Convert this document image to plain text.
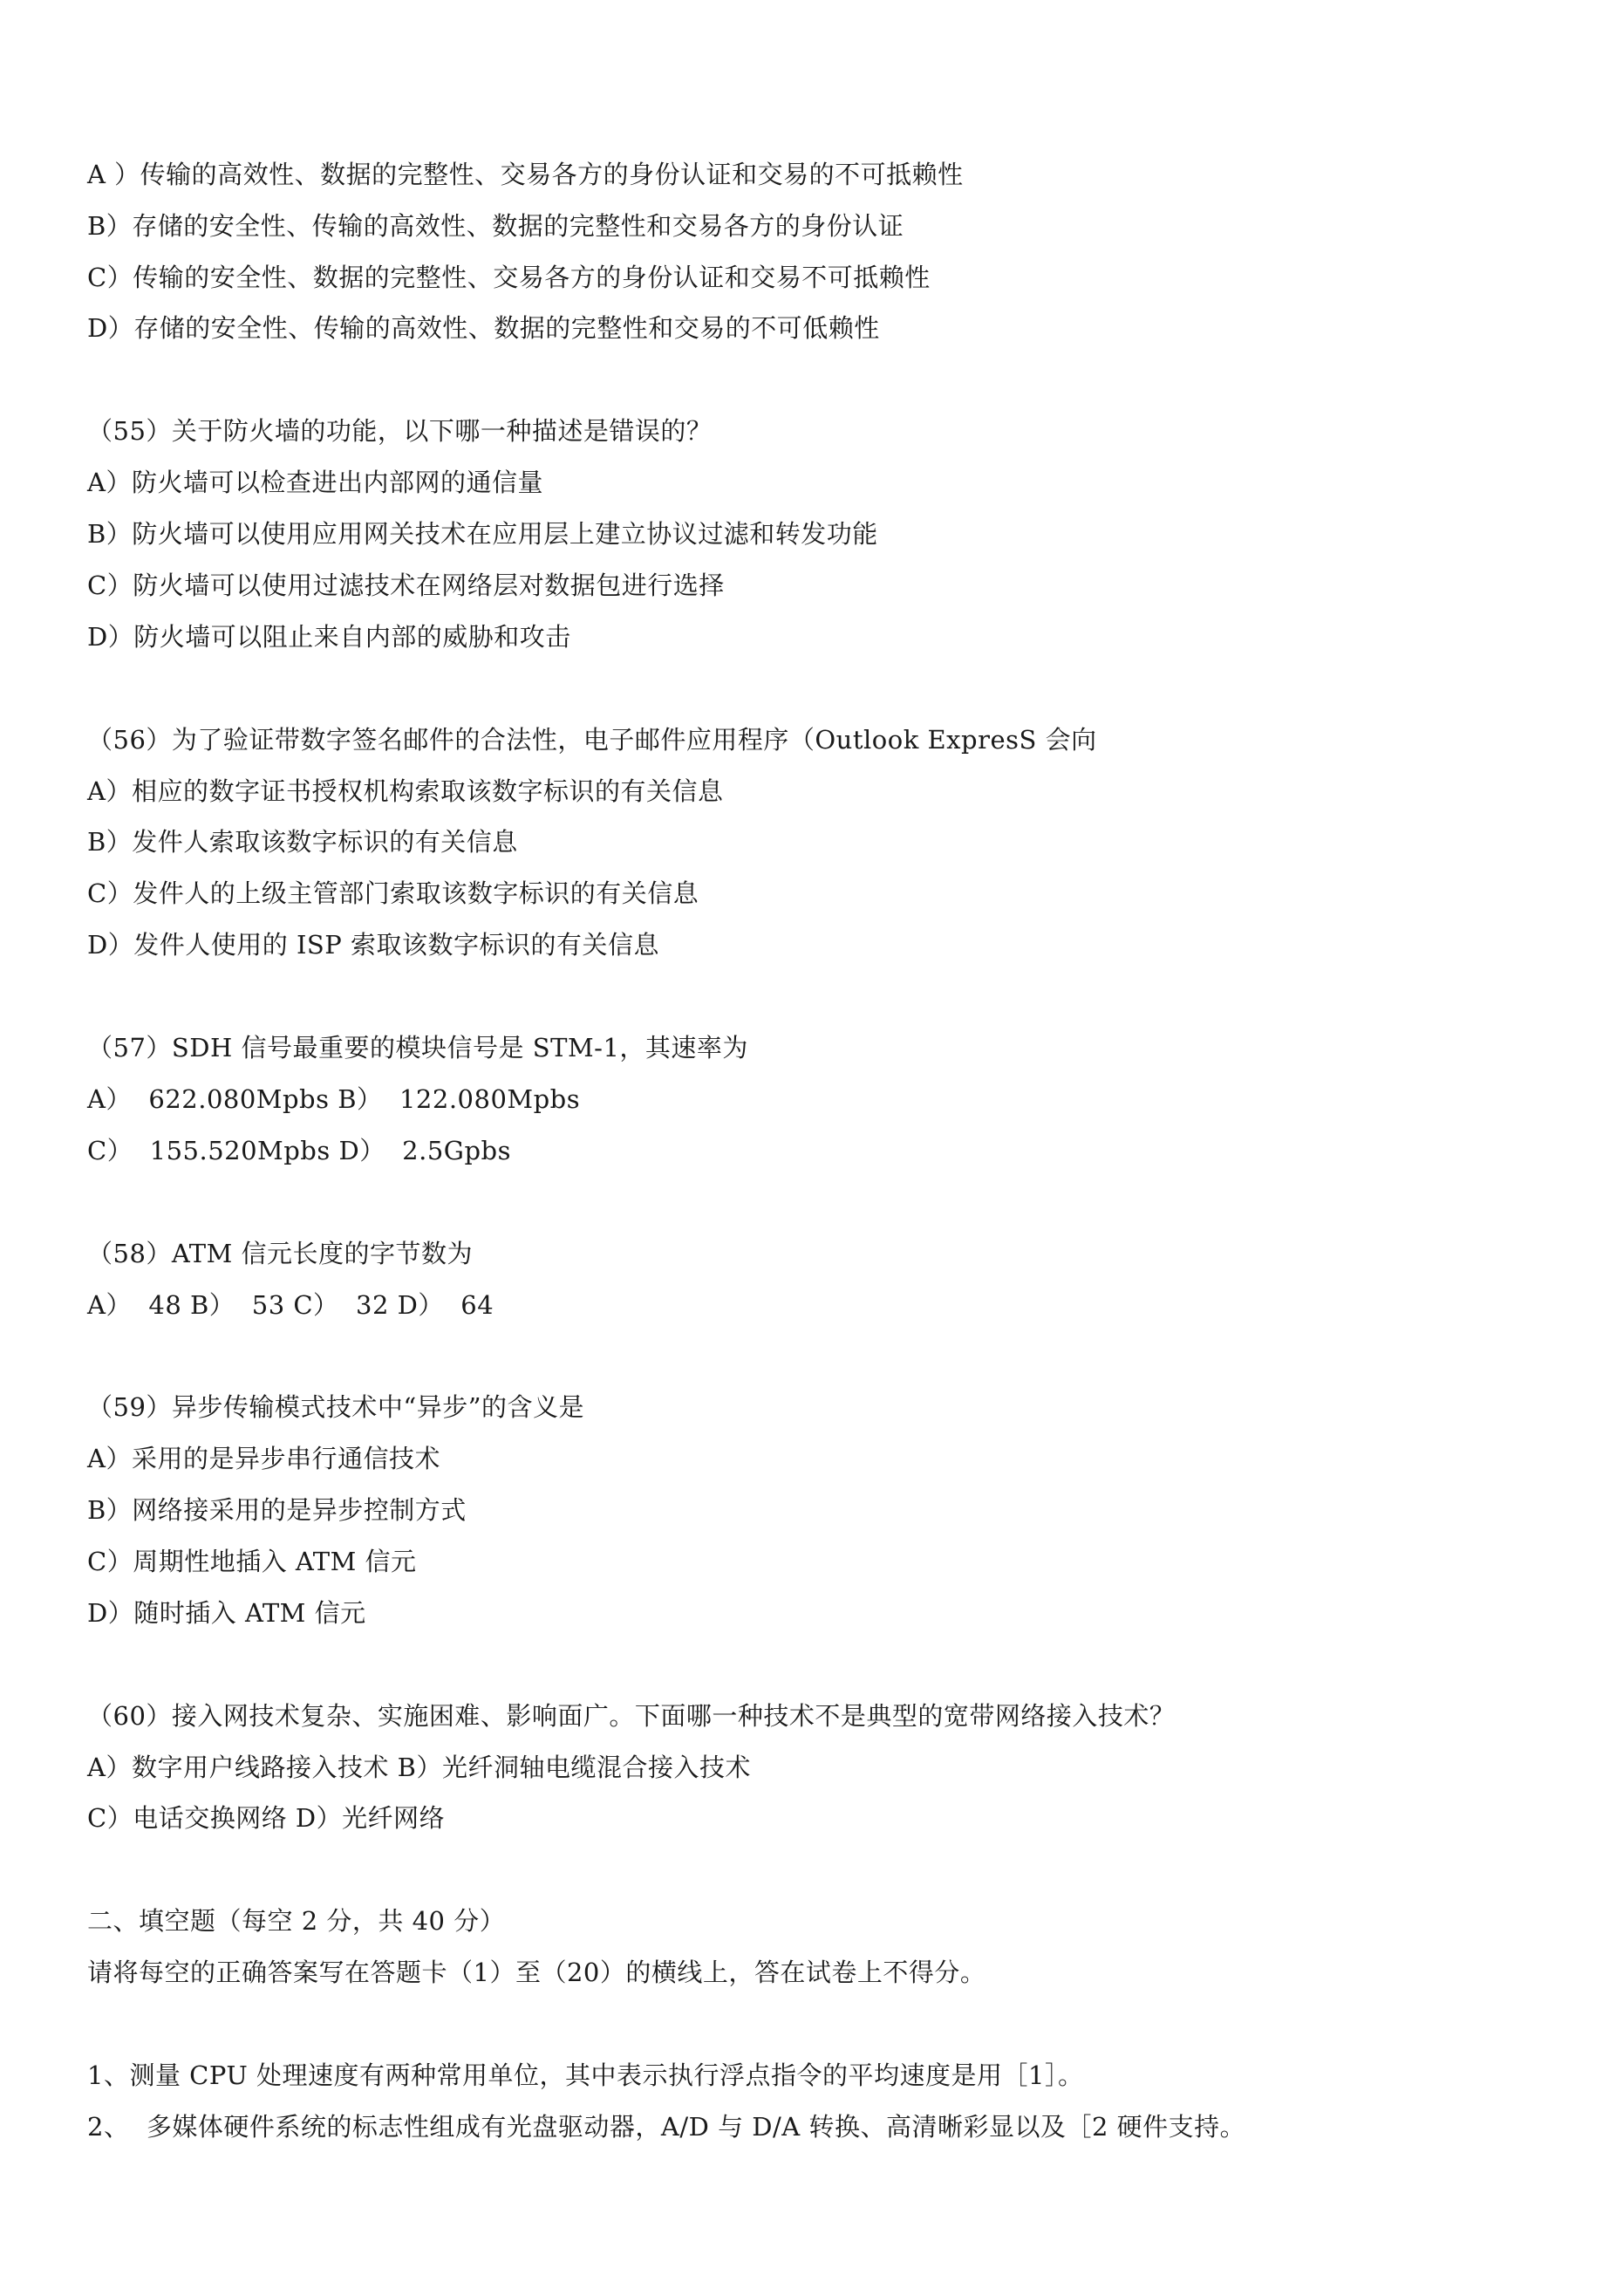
A ）传输的高效性、数据的完整性、交易各方的身份认证和交易的不可抵赖性
B）存储的安全性、传输的高效性、数据的完整性和交易各方的身份认证
C）传输的安全性、数据的完整性、交易各方的身份认证和交易不可抵赖性
D）存储的安全性、传输的高效性、数据的完整性和交易的不可低赖性
（55）关于防火墙的功能，以下哪一种描述是错误的？
A）防火墙可以检查进出内部网的通信量
B）防火墙可以使用应用网关技术在应用层上建立协议过滤和转发功能
C）防火墙可以使用过滤技术在网络层对数据包进行选择
D）防火墙可以阻止来自内部的威胁和攻击
（56）为了验证带数字签名邮件的合法性，电子邮件应用程序（Outlook ExpresS 会向
A）相应的数字证书授权机构索取该数字标识的有关信息
B）发件人索取该数字标识的有关信息
C）发件人的上级主管部门索取该数字标识的有关信息
D）发件人使用的 ISP 索取该数字标识的有关信息
（57）SDH 信号最重要的模块信号是 STM-1，其速率为
A）  622.080Mpbs B）  122.080Mpbs
C）  155.520Mpbs D）  2.5Gpbs
（58）ATM 信元长度的字节数为
A）  48 B）  53 C）  32 D）  64
（59）异步传输模式技术中“异步”的含义是
A）采用的是异步串行通信技术
B）网络接采用的是异步控制方式
C）周期性地插入 ATM 信元
D）随时插入 ATM 信元
（60）接入网技术复杂、实施困难、影响面广。下面哪一种技术不是典型的宽带网络接入技术？
A）数字用户线路接入技术 B）光纤洞轴电缆混合接入技术
C）电话交换网络 D）光纤网络
二、填空题（每空 2 分，共 40 分）
请将每空的正确答案写在答题卡（1）至（20）的横线上，答在试卷上不得分。
1、测量 CPU 处理速度有两种常用单位，其中表示执行浮点指令的平均速度是用［1］。
2、  多媒体硬件系统的标志性组成有光盘驱动器，A/D 与 D/A 转换、高清晰彩显以及［2 硬件支持。
